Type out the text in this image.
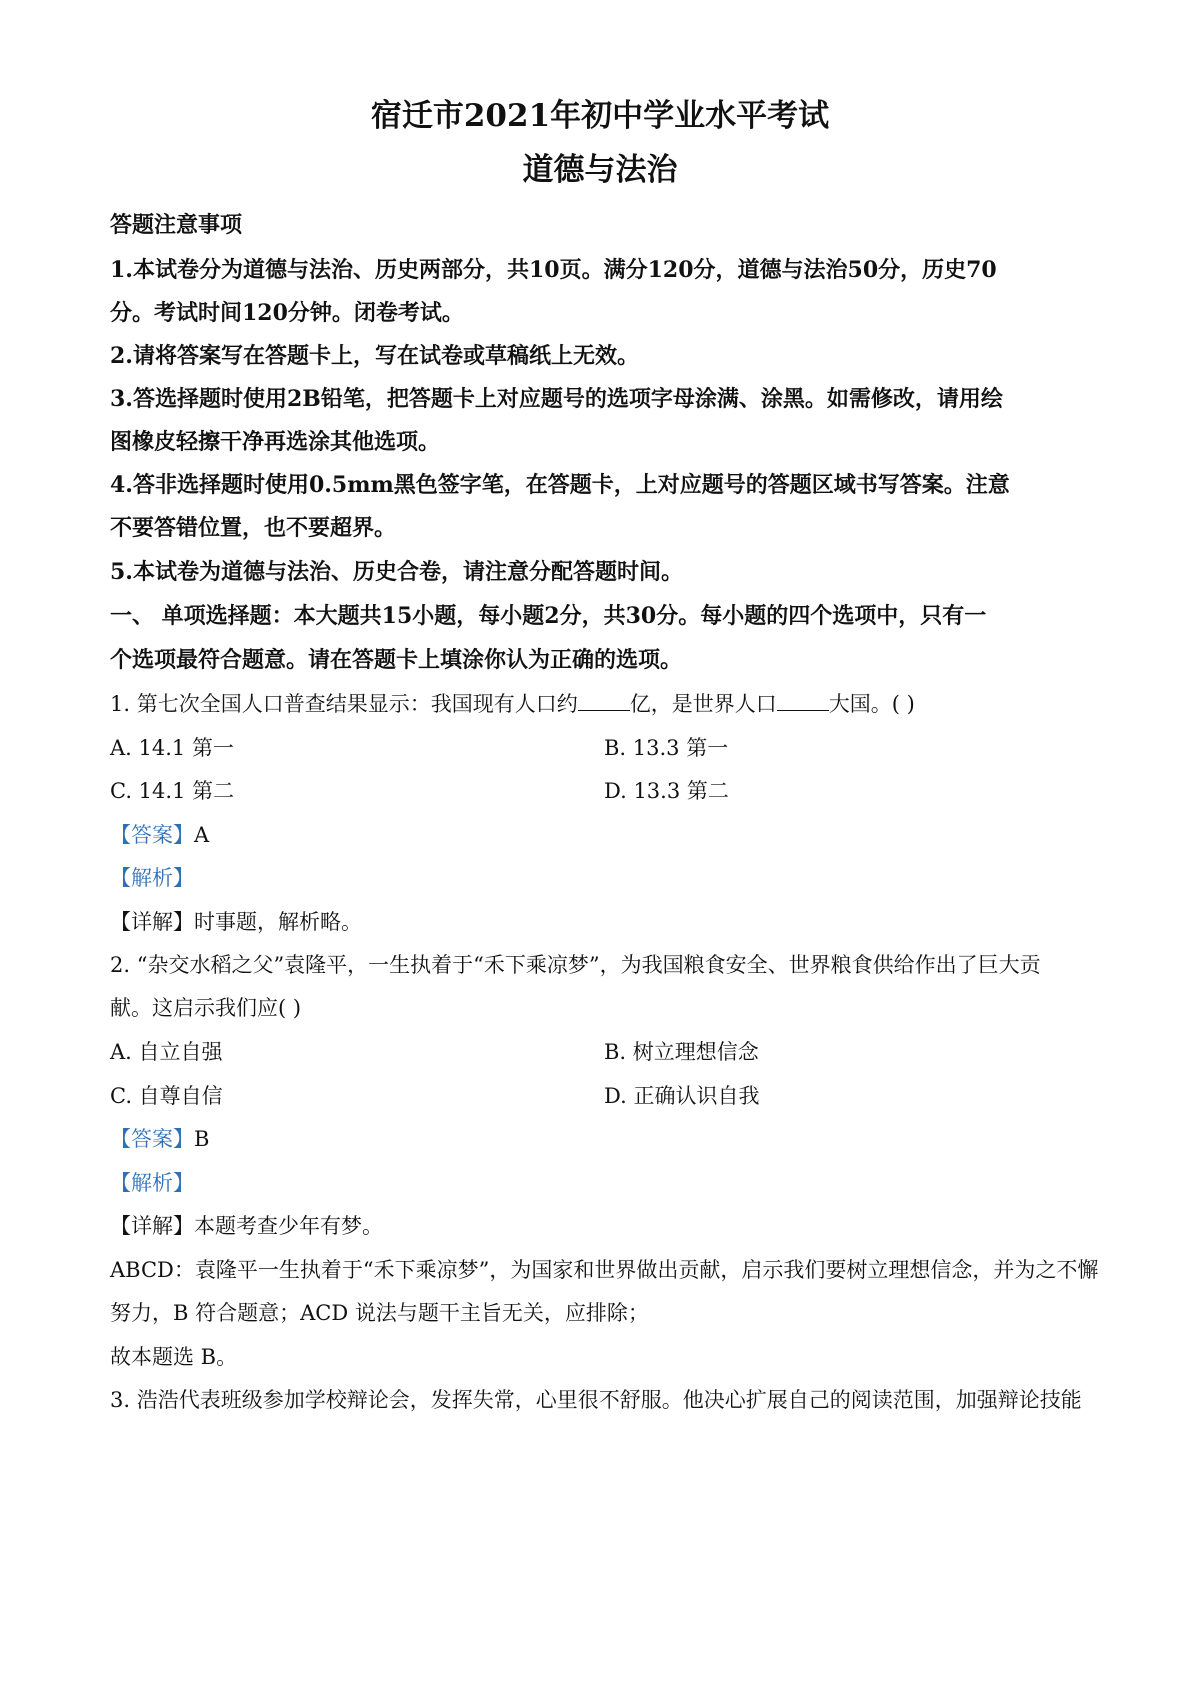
宿迁市2021年初中学业水平考试
道德与法治
答题注意事项
1.本试卷分为道德与法治、历史两部分，共10页。满分120分，道德与法治50分，历史70
分。考试时间120分钟。闭卷考试。
2.请将答案写在答题卡上，写在试卷或草稿纸上无效。
3.答选择题时使用2B铅笔，把答题卡上对应题号的选项字母涂满、涂黑。如需修改，请用绘
图橡皮轻擦干净再选涂其他选项。
4.答非选择题时使用0.5mm黑色签字笔，在答题卡，上对应题号的答题区域书写答案。注意
不要答错位置，也不要超界。
5.本试卷为道德与法治、历史合卷，请注意分配答题时间。
一、 单项选择题：本大题共15小题，每小题2分，共30分。每小题的四个选项中，只有一
个选项最符合题意。请在答题卡上填涂你认为正确的选项。
1. 第七次全国人口普查结果显示：我国现有人口约 亿，是世界人口 大国。( )
A. 14.1 第一	B. 13.3 第一
C. 14.1 第二	D. 13.3 第二
【答案】A
【解析】
【详解】时事题，解析略。
2. “杂交水稻之父”袁隆平，一生执着于“禾下乘凉梦”，为我国粮食安全、世界粮食供给作出了巨大贡
献。这启示我们应( )
A. 自立自强	B. 树立理想信念
C. 自尊自信	D. 正确认识自我
【答案】B
【解析】
【详解】本题考查少年有梦。
ABCD：袁隆平一生执着于“禾下乘凉梦”，为国家和世界做出贡献，启示我们要树立理想信念，并为之不懈
努力，B 符合题意；ACD 说法与题干主旨无关，应排除；
故本题选 B。
3. 浩浩代表班级参加学校辩论会，发挥失常，心里很不舒服。他决心扩展自己的阅读范围，加强辩论技能
